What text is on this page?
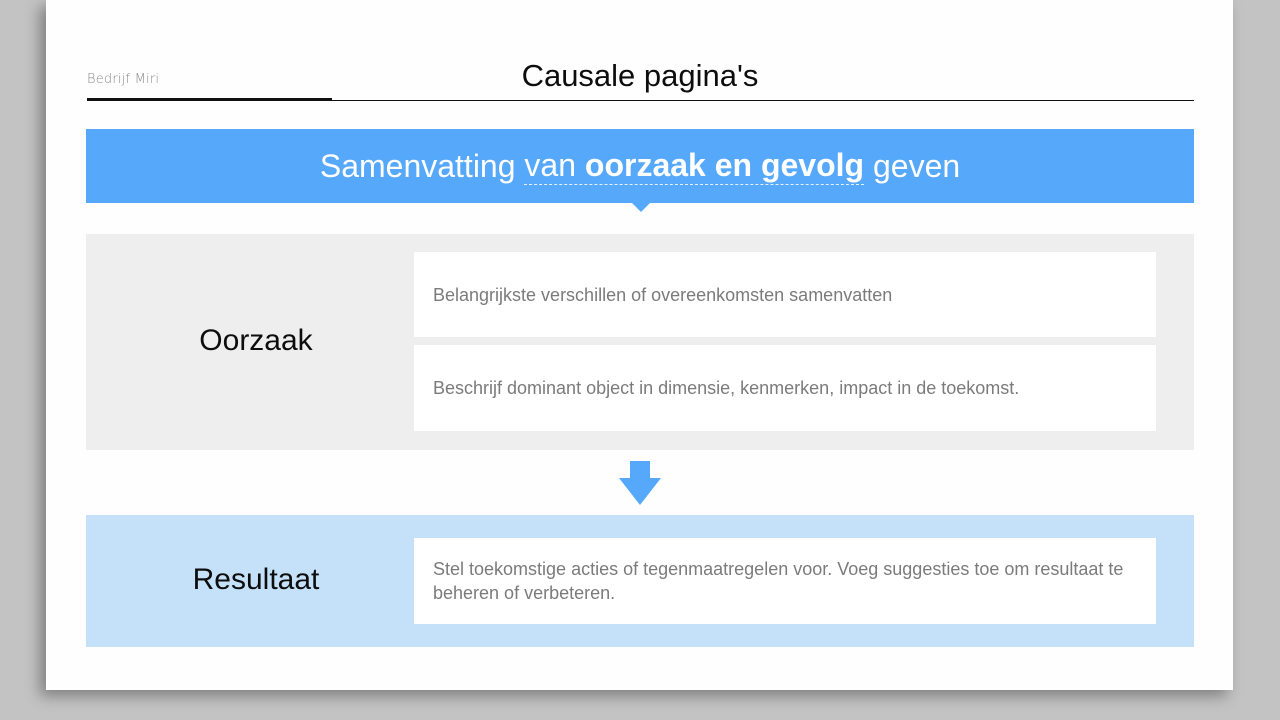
Bedrijf Miri	Causale pagina's
Samenvatting van oorzaak en gevolg geven
Oorzaak
Belangrijkste verschillen of overeenkomsten samenvatten
Beschrijf dominant object in dimensie, kenmerken, impact in de toekomst.
Resultaat	Stel toekomstige acties of tegenmaatregelen voor. Voeg suggesties toe om resultaat te beheren of verbeteren.
